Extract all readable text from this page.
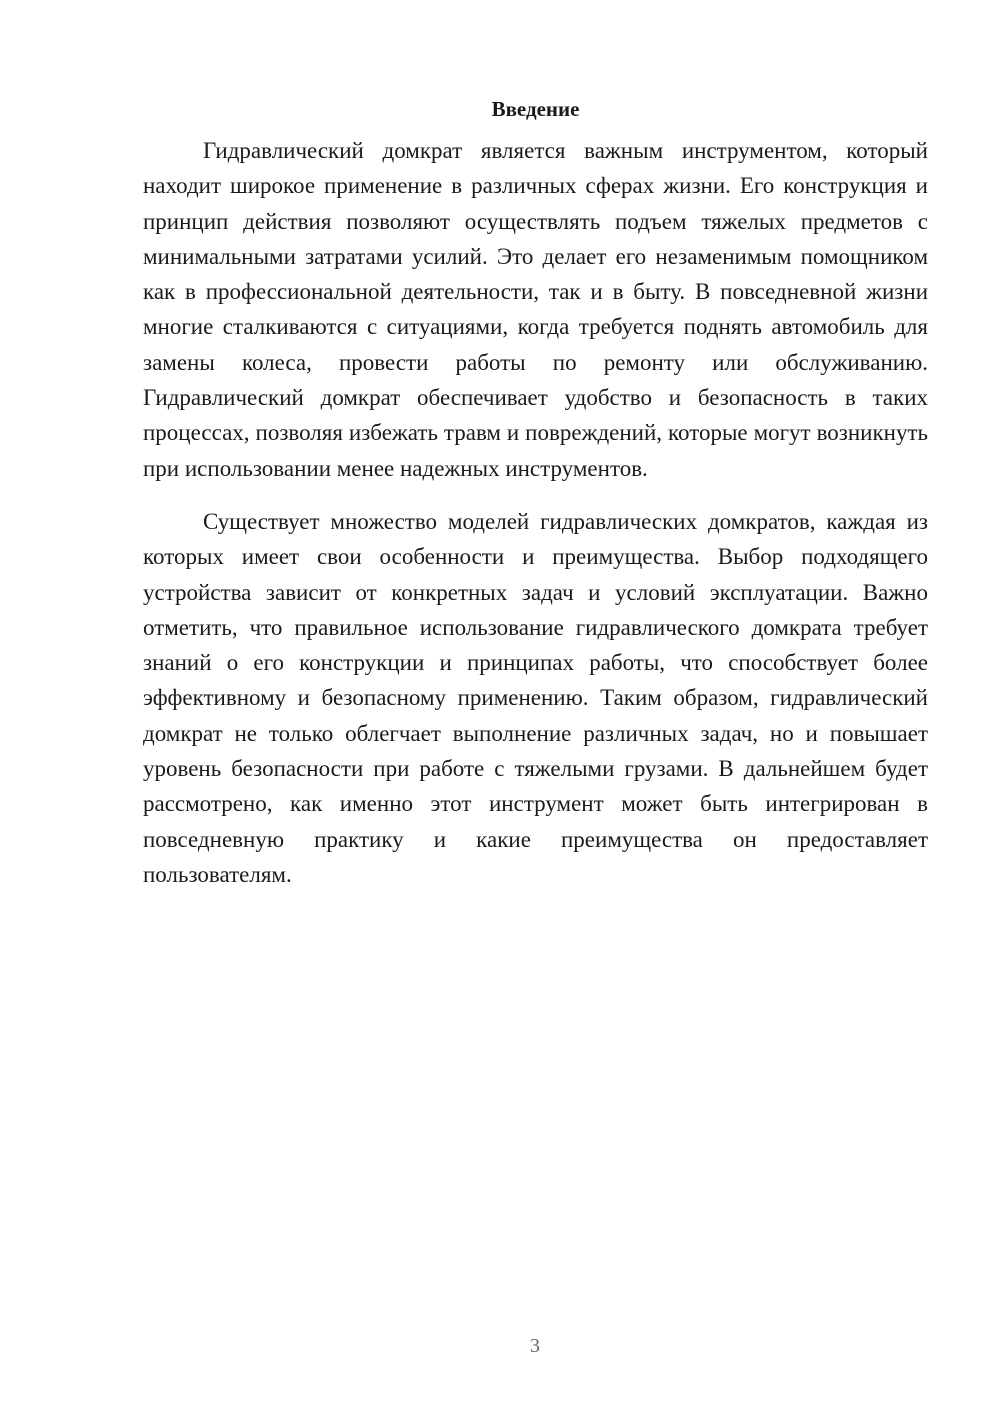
Введение

Гидравлический домкрат является важным инструментом, который находит широкое применение в различных сферах жизни. Его конструкция и принцип действия позволяют осуществлять подъем тяжелых предметов с минимальными затратами усилий. Это делает его незаменимым помощником как в профессиональной деятельности, так и в быту. В повседневной жизни многие сталкиваются с ситуациями, когда требуется поднять автомобиль для замены колеса, провести работы по ремонту или обслуживанию. Гидравлический домкрат обеспечивает удобство и безопасность в таких процессах, позволяя избежать травм и повреждений, которые могут возникнуть при использовании менее надежных инструментов.

Существует множество моделей гидравлических домкратов, каждая из которых имеет свои особенности и преимущества. Выбор подходящего устройства зависит от конкретных задач и условий эксплуатации. Важно отметить, что правильное использование гидравлического домкрата требует знаний о его конструкции и принципах работы, что способствует более эффективному и безопасному применению. Таким образом, гидравлический домкрат не только облегчает выполнение различных задач, но и повышает уровень безопасности при работе с тяжелыми грузами. В дальнейшем будет рассмотрено, как именно этот инструмент может быть интегрирован в повседневную практику и какие преимущества он предоставляет пользователям.

3
